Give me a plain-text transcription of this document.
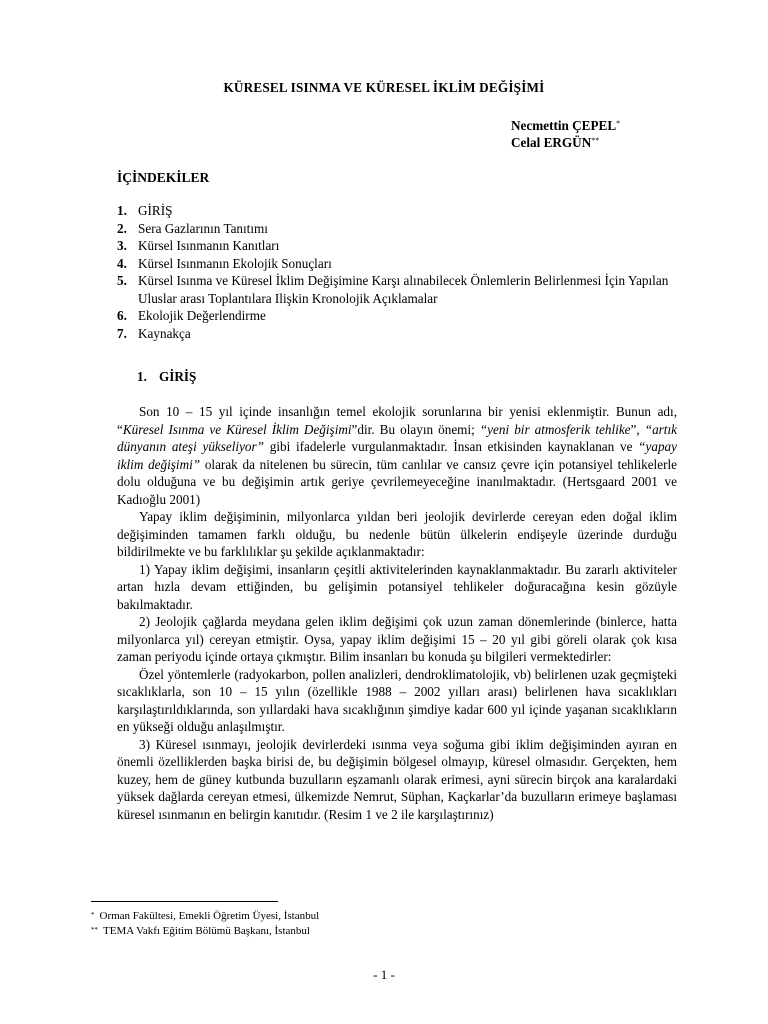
KÜRESEL ISINMA VE KÜRESEL İKLİM DEĞİŞİMİ
Necmettin ÇEPEL*
Celal ERGÜN**
İÇİNDEKİLER
1. GİRİŞ
2. Sera Gazlarının Tanıtımı
3. Kürsel Isınmanın Kanıtları
4. Kürsel Isınmanın Ekolojik Sonuçları
5. Kürsel Isınma ve Küresel İklim Değişimine Karşı alınabilecek Önlemlerin Belirlenmesi İçin Yapılan Uluslar arası Toplantılara Ilişkin Kronolojik Açıklamalar
6. Ekolojik Değerlendirme
7. Kaynakça
1. GİRİŞ

Son 10 – 15 yıl içinde insanlığın temel ekolojik sorunlarına bir yenisi eklenmiştir. Bunun adı, “Küresel Isınma ve Küresel İklim Değişimi”dir. Bu olayın önemi; “yeni bir atmosferik tehlike”, “artık dünyanın ateşi yükseliyor” gibi ifadelerle vurgulanmaktadır. İnsan etkisinden kaynaklanan ve “yapay iklim değişimi” olarak da nitelenen bu sürecin, tüm canlılar ve cansız çevre için potansiyel tehlikelerle dolu olduğuna ve bu değişimin artık geriye çevrilemeyeceğine inanılmaktadır. (Hertsgaard 2001 ve Kadıoğlu 2001)

Yapay iklim değişiminin, milyonlarca yıldan beri jeolojik devirlerde cereyan eden doğal iklim değişiminden tamamen farklı olduğu, bu nedenle bütün ülkelerin endişeyle üzerinde durduğu bildirilmekte ve bu farklılıklar şu şekilde açıklanmaktadır:

1) Yapay iklim değişimi, insanların çeşitli aktivitelerinden kaynaklanmaktadır. Bu zararlı aktiviteler artan hızla devam ettiğinden, bu gelişimin potansiyel tehlikeler doğuracağına kesin gözüyle bakılmaktadır.

2) Jeolojik çağlarda meydana gelen iklim değişimi çok uzun zaman dönemlerinde (binlerce, hatta milyonlarca yıl) cereyan etmiştir. Oysa, yapay iklim değişimi 15 – 20 yıl gibi göreli olarak çok kısa zaman periyodu içinde ortaya çıkmıştır. Bilim insanları bu konuda şu bilgileri vermektedirler:

Özel yöntemlerle (radyokarbon, pollen analizleri, dendroklimatolojik, vb) belirlenen uzak geçmişteki sıcaklıklarla, son 10 – 15 yılın (özellikle 1988 – 2002 yılları arası) belirlenen hava sıcaklıkları karşılaştırıldıklarında, son yıllardaki hava sıcaklığının şimdiye kadar 600 yıl içinde yaşanan sıcaklıkların en yükseği olduğu anlaşılmıştır.

3) Küresel ısınmayı, jeolojik devirlerdeki ısınma veya soğuma gibi iklim değişiminden ayıran en önemli özelliklerden başka birisi de, bu değişimin bölgesel olmayıp, küresel olmasıdır. Gerçekten, hem kuzey, hem de güney kutbunda buzulların eşzamanlı olarak erimesi, ayni sürecin birçok ana karalardaki yüksek dağlarda cereyan etmesi, ülkemizde Nemrut, Süphan, Kaçkarlar’da buzulların erimeye başlaması küresel ısınmanın en belirgin kanıtıdır. (Resim 1 ve 2 ile karşılaştırınız)

* Orman Fakültesi, Emekli Öğretim Üyesi, İstanbul
** TEMA Vakfı Eğitim Bölümü Başkanı, İstanbul
- 1 -
